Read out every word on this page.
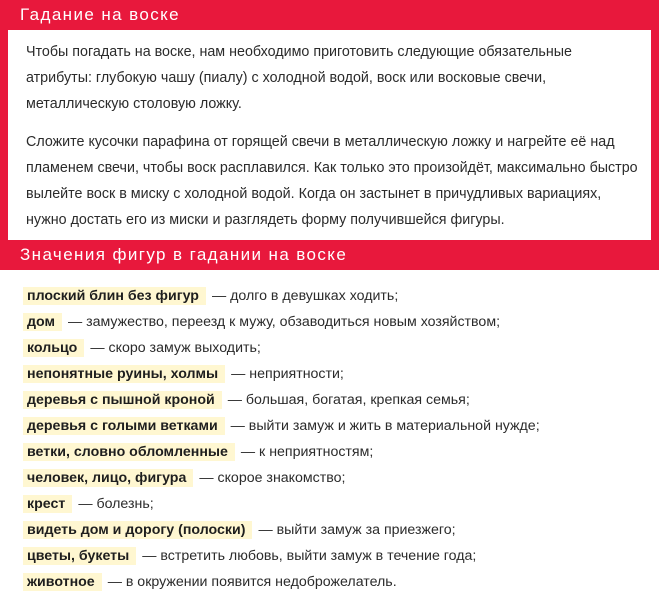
Гадание на воске

Чтобы погадать на воске, нам необходимо приготовить следующие обязательные атрибуты: глубокую чашу (пиалу) с холодной водой, воск или восковые свечи, металлическую столовую ложку.

Сложите кусочки парафина от горящей свечи в металлическую ложку и нагрейте её над пламенем свечи, чтобы воск расплавился. Как только это произойдёт, максимально быстро вылейте воск в миску с холодной водой. Когда он застынет в причудливых вариациях, нужно достать его из миски и разглядеть форму получившейся фигуры.

Значения фигур в гадании на воске
плоский блин без фигур — долго в девушках ходить;
дом — замужество, переезд к мужу, обзаводиться новым хозяйством;
кольцо — скоро замуж выходить;
непонятные руины, холмы — неприятности;
деревья с пышной кроной — большая, богатая, крепкая семья;
деревья с голыми ветками — выйти замуж и жить в материальной нужде;
ветки, словно обломленные — к неприятностям;
человек, лицо, фигура — скорое знакомство;
крест — болезнь;
видеть дом и дорогу (полоски) — выйти замуж за приезжего;
цветы, букеты — встретить любовь, выйти замуж в течение года;
животное — в окружении появится недоброжелатель.
